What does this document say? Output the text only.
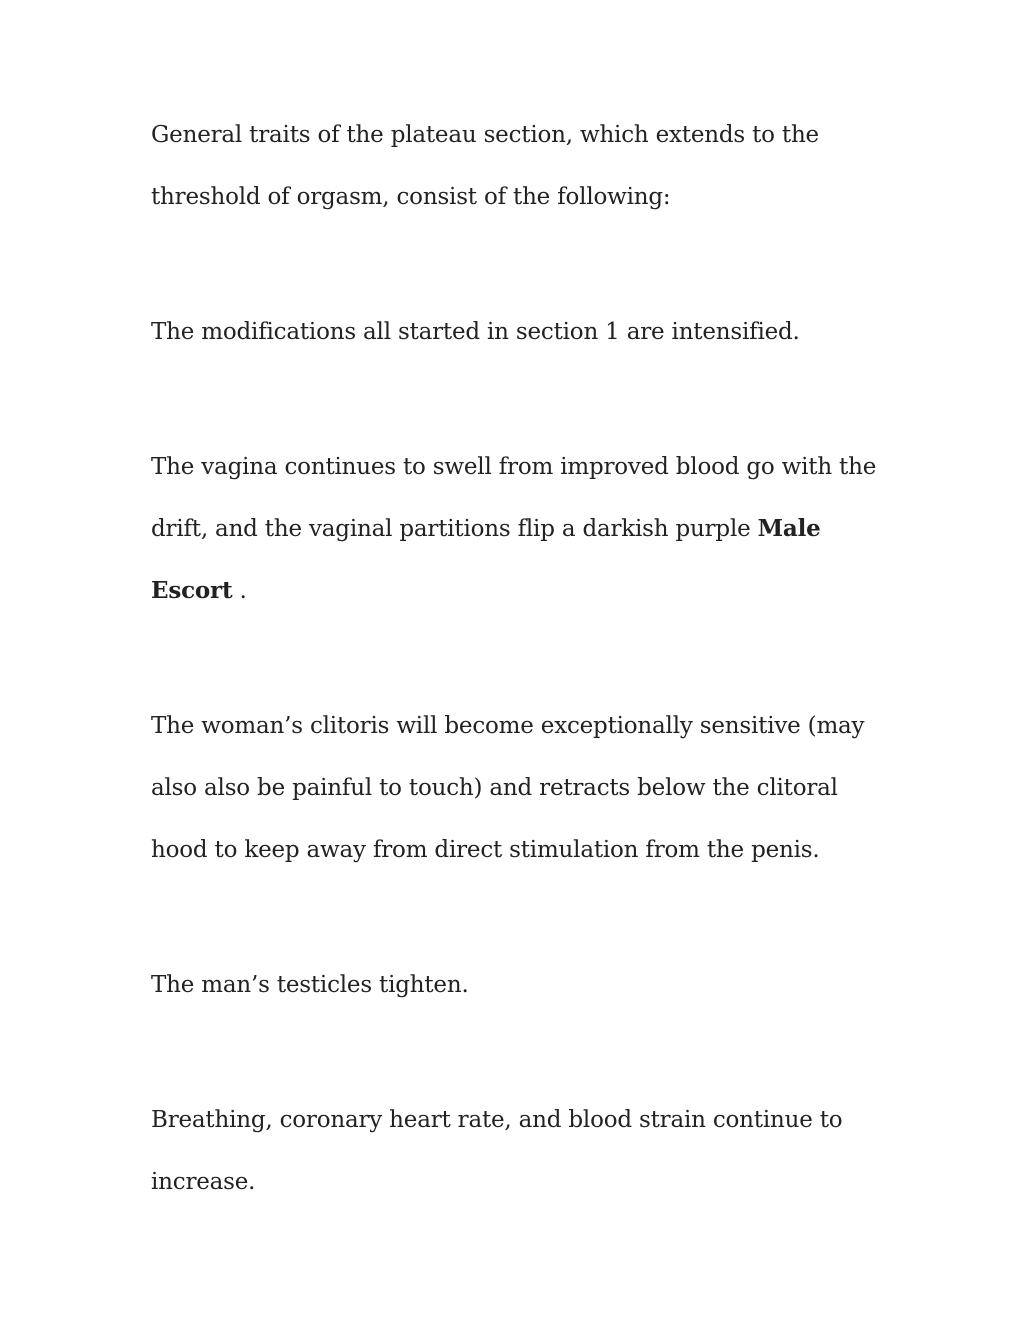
General traits of the plateau section, which extends to the threshold of orgasm, consist of the following:

The modifications all started in section 1 are intensified.

The vagina continues to swell from improved blood go with the drift, and the vaginal partitions flip a darkish purple Male Escort .

The woman’s clitoris will become exceptionally sensitive (may also also be painful to touch) and retracts below the clitoral hood to keep away from direct stimulation from the penis.

The man’s testicles tighten.

Breathing, coronary heart rate, and blood strain continue to increase.
